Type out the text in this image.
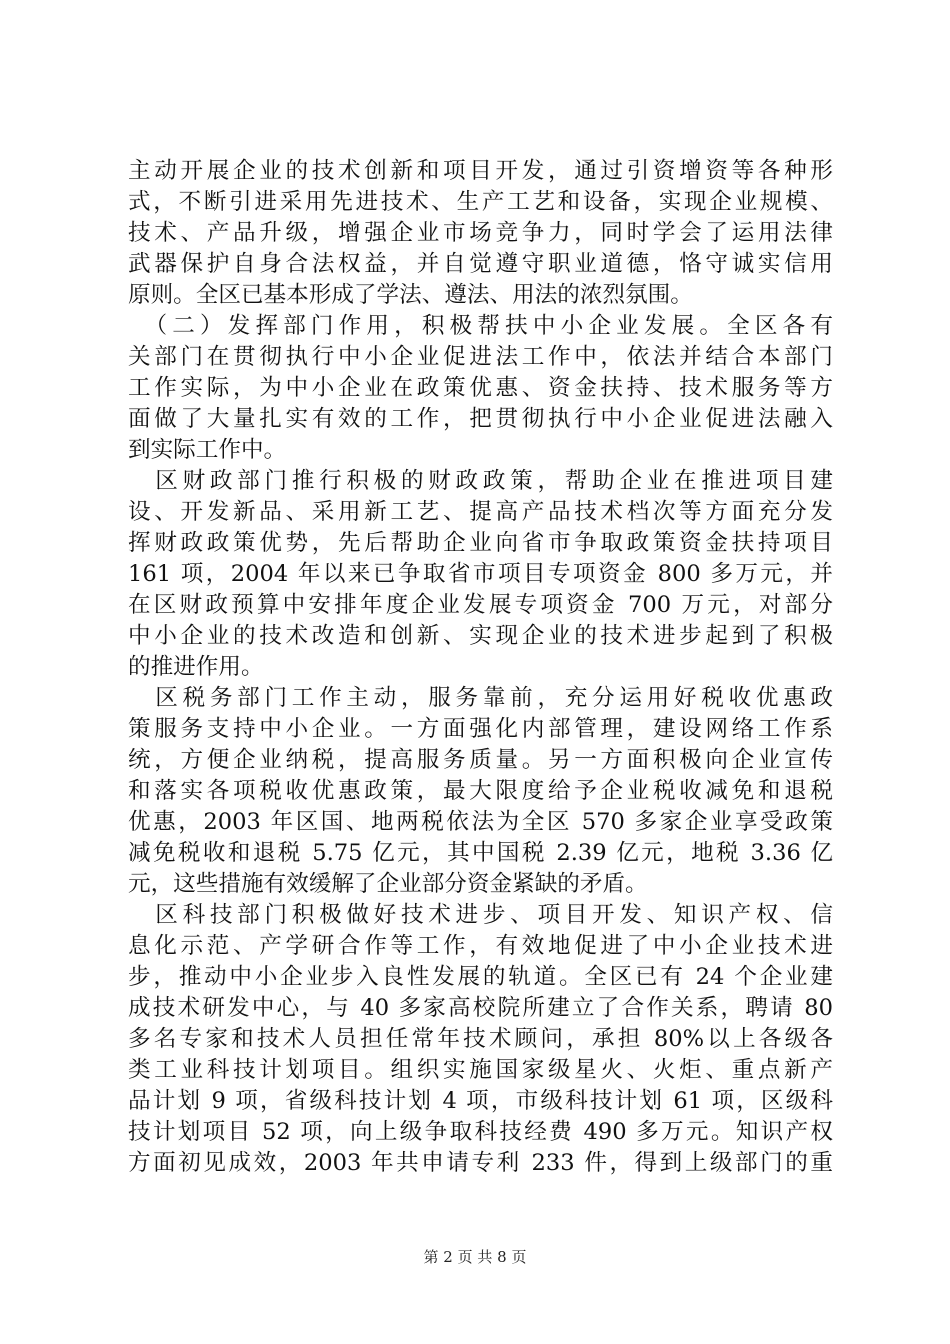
主动开展企业的技术创新和项目开发，通过引资增资等各种形
式，不断引进采用先进技术、生产工艺和设备，实现企业规模、
技术、产品升级，增强企业市场竞争力，同时学会了运用法律
武器保护自身合法权益，并自觉遵守职业道德，恪守诚实信用
原则。全区已基本形成了学法、遵法、用法的浓烈氛围。
　（二）发挥部门作用，积极帮扶中小企业发展。全区各有
关部门在贯彻执行中小企业促进法工作中，依法并结合本部门
工作实际，为中小企业在政策优惠、资金扶持、技术服务等方
面做了大量扎实有效的工作，把贯彻执行中小企业促进法融入
到实际工作中。
　区财政部门推行积极的财政政策，帮助企业在推进项目建
设、开发新品、采用新工艺、提高产品技术档次等方面充分发
挥财政政策优势，先后帮助企业向省市争取政策资金扶持项目
161 项，2004 年以来已争取省市项目专项资金 800 多万元，并
在区财政预算中安排年度企业发展专项资金 700 万元，对部分
中小企业的技术改造和创新、实现企业的技术进步起到了积极
的推进作用。
　区税务部门工作主动，服务靠前，充分运用好税收优惠政
策服务支持中小企业。一方面强化内部管理，建设网络工作系
统，方便企业纳税，提高服务质量。另一方面积极向企业宣传
和落实各项税收优惠政策，最大限度给予企业税收减免和退税
优惠，2003 年区国、地两税依法为全区 570 多家企业享受政策
减免税收和退税 5.75 亿元，其中国税 2.39 亿元，地税 3.36 亿
元，这些措施有效缓解了企业部分资金紧缺的矛盾。
　区科技部门积极做好技术进步、项目开发、知识产权、信
息化示范、产学研合作等工作，有效地促进了中小企业技术进
步，推动中小企业步入良性发展的轨道。全区已有 24 个企业建
成技术研发中心，与 40 多家高校院所建立了合作关系，聘请 80
多名专家和技术人员担任常年技术顾问，承担 80%以上各级各
类工业科技计划项目。组织实施国家级星火、火炬、重点新产
品计划 9 项，省级科技计划 4 项，市级科技计划 61 项，区级科
技计划项目 52 项，向上级争取科技经费 490 多万元。知识产权
方面初见成效，2003 年共申请专利 233 件，得到上级部门的重
第 2 页 共 8 页
